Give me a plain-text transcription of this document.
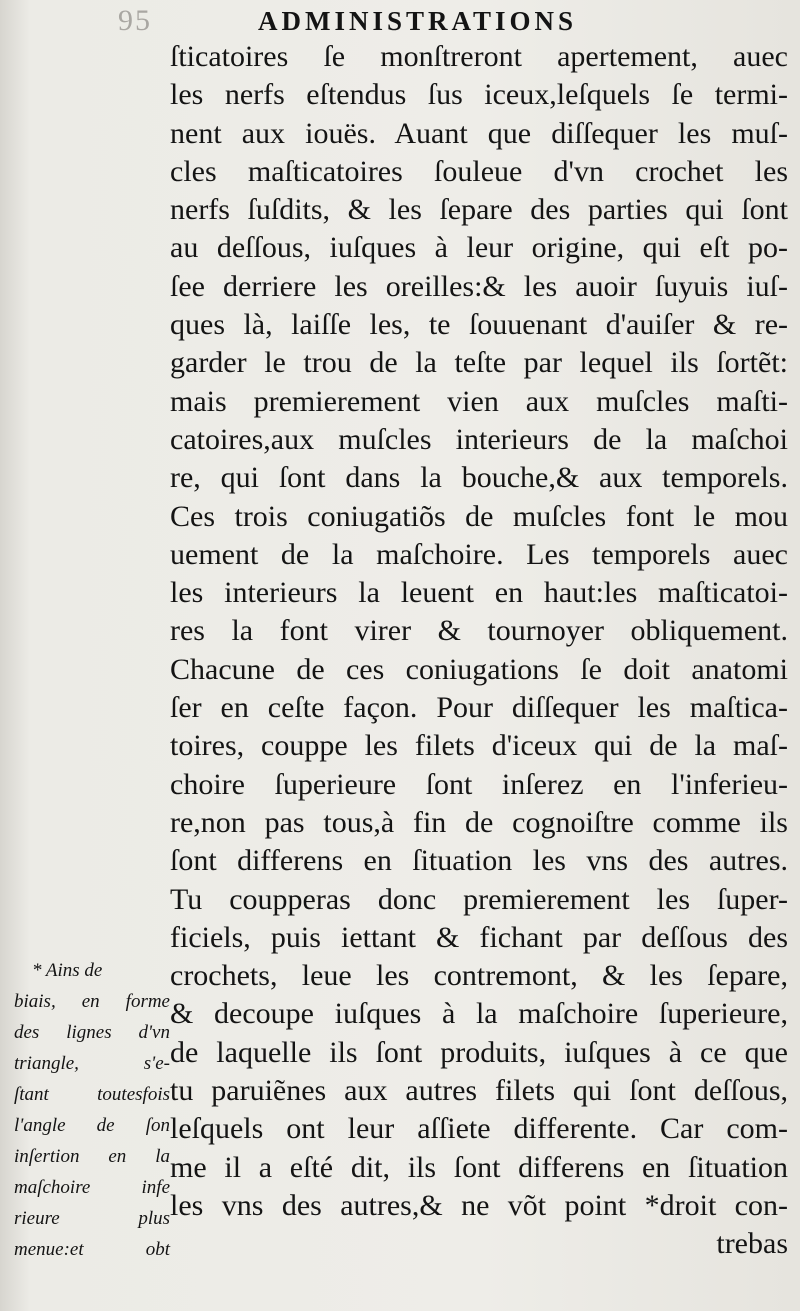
95	ADMINISTRATIONS
ſticatoires ſe monſtreront apertement, auec
les nerfs eſtendus ſus iceux,leſquels ſe termi-
nent aux iouës. Auant que diſſequer les muſ-
cles maſticatoires ſouleue d'vn crochet les
nerfs ſuſdits, & les ſepare des parties qui ſont
au deſſous, iuſques à leur origine, qui eſt po-
ſee derriere les oreilles:& les auoir ſuyuis iuſ-
ques là, laiſſe les, te ſouuenant d'auiſer & re-
garder le trou de la teſte par lequel ils ſortẽt:
mais premierement vien aux muſcles maſti-
catoires,aux muſcles interieurs de la maſchoi
re, qui ſont dans la bouche,& aux temporels.
Ces trois coniugatiõs de muſcles font le mou
uement de la maſchoire. Les temporels auec
les interieurs la leuent en haut:les maſticatoi-
res la font virer & tournoyer obliquement.
Chacune de ces coniugations ſe doit anatomi
ſer en ceſte façon. Pour diſſequer les maſtica-
toires, couppe les filets d'iceux qui de la maſ-
choire ſuperieure ſont inſerez en l'inferieu-
re,non pas tous,à fin de cognoiſtre comme ils
ſont differens en ſituation les vns des autres.
Tu coupperas donc premierement les ſuper-
ficiels, puis iettant & fichant par deſſous des
crochets, leue les contremont, & les ſepare,
& decoupe iuſques à la maſchoire ſuperieure,
de laquelle ils ſont produits, iuſques à ce que
tu paruiẽnes aux autres filets qui ſont deſſous,
leſquels ont leur aſſiete differente. Car com-
me il a eſté dit, ils ſont differens en ſituation
les vns des autres,& ne võt point *droit con-
trebas
* Ains de
biais, en forme
des lignes d'vn
triangle, s'e-
ſtant toutesfois
l'angle de ſon
inſertion en la
maſchoire infe
rieure plus
menue:et obt
